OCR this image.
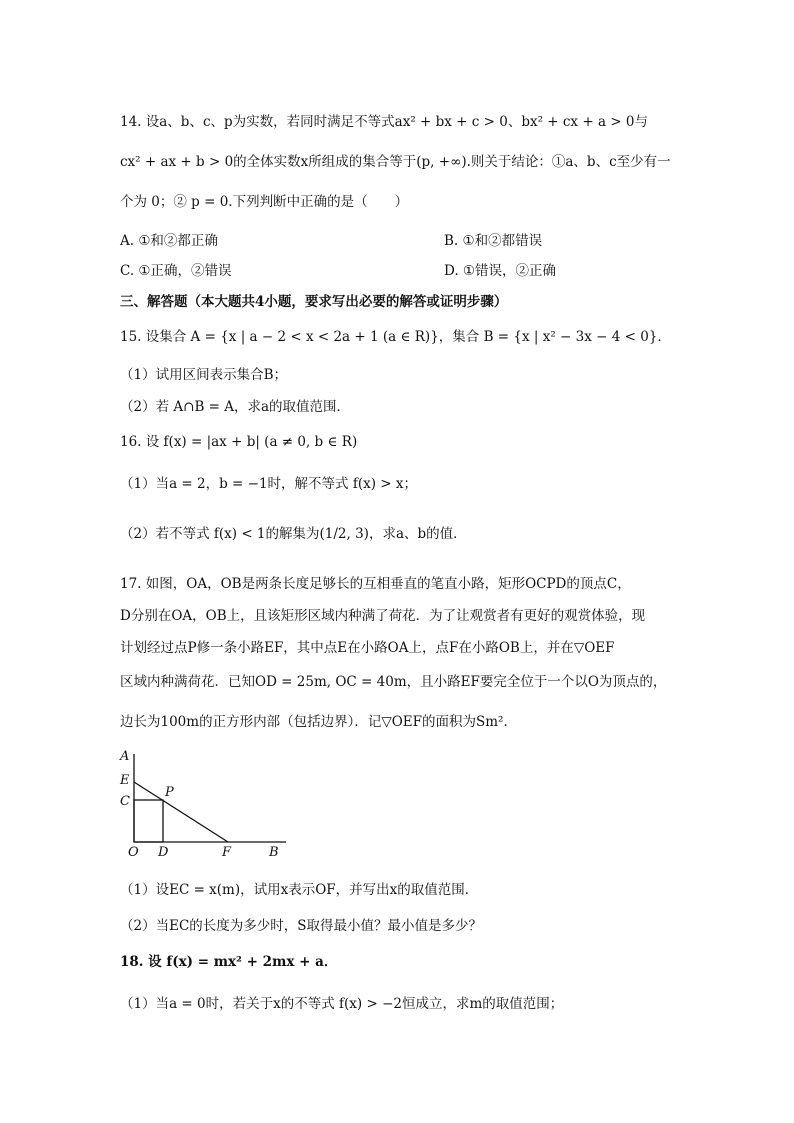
14. 设a、b、c、p为实数，若同时满足不等式ax² + bx + c > 0、bx² + cx + a > 0与
cx² + ax + b > 0的全体实数x所组成的集合等于(p, +∞).则关于结论：①a、b、c至少有一
个为 0；② p = 0.下列判断中正确的是（　　）
A. ①和②都正确	B. ①和②都错误
C. ①正确，②错误	D. ①错误，②正确
三、解答题（本大题共4小题，要求写出必要的解答或证明步骤）
15. 设集合 A = {x | a − 2 < x < 2a + 1 (a ∈ R)}，集合 B = {x | x² − 3x − 4 < 0}．
（1）试用区间表示集合B；
（2）若 A∩B = A，求a的取值范围．
16. 设 f(x) = |ax + b| (a ≠ 0, b ∈ R)
（1）当a = 2，b = −1时，解不等式 f(x) > x；
（2）若不等式 f(x) < 1的解集为(1/2, 3)，求a、b的值．
17. 如图，OA，OB是两条长度足够长的互相垂直的笔直小路，矩形OCPD的顶点C，
D分别在OA，OB上，且该矩形区域内种满了荷花．为了让观赏者有更好的观赏体验，现
计划经过点P修一条小路EF，其中点E在小路OA上，点F在小路OB上，并在▽OEF
区域内种满荷花．已知OD = 25m, OC = 40m，且小路EF要完全位于一个以O为顶点的，
边长为100m的正方形内部（包括边界）．记▽OEF的面积为Sm²．
A
E
C
P
O D	F	B
（1）设EC = x(m)，试用x表示OF，并写出x的取值范围．
（2）当EC的长度为多少时，S取得最小值？最小值是多少？
18. 设 f(x) = mx² + 2mx + a．
（1）当a = 0时，若关于x的不等式 f(x) > −2恒成立，求m的取值范围；
